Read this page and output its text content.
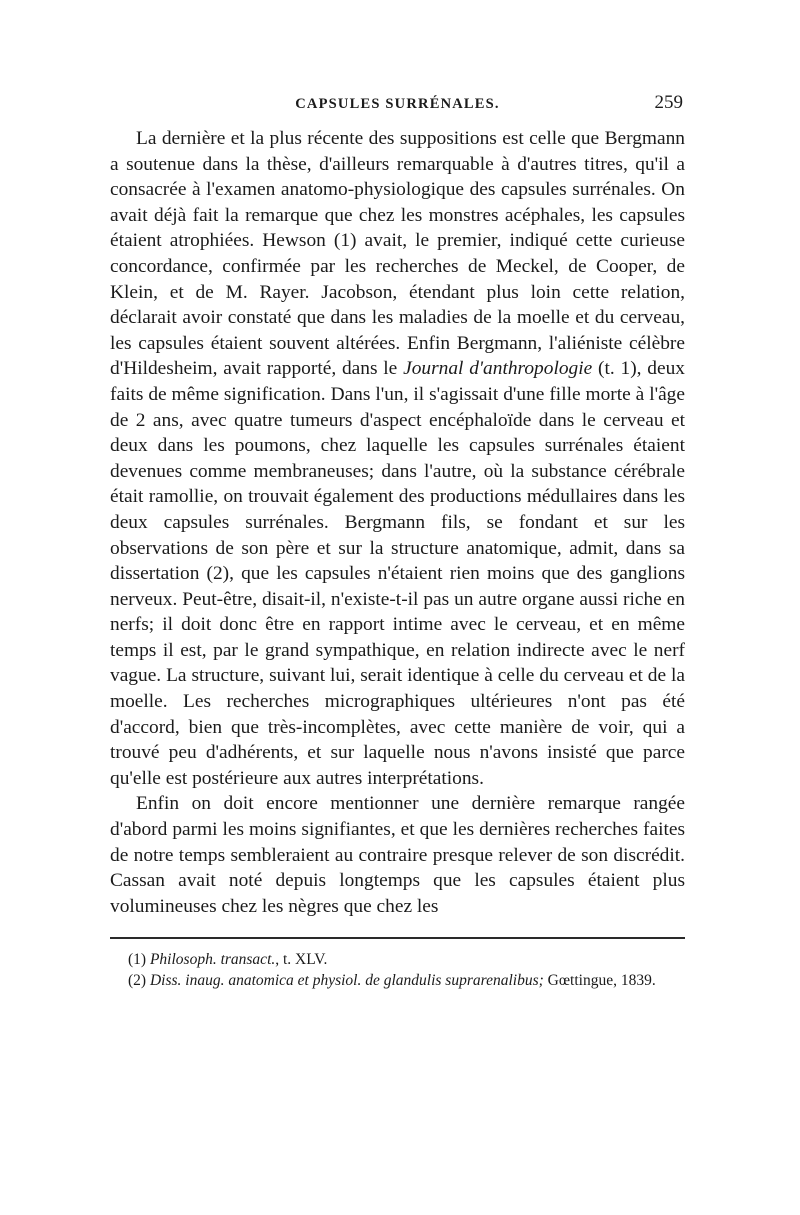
CAPSULES SURRÉNALES.	259

La dernière et la plus récente des suppositions est celle que Bergmann a soutenue dans la thèse, d'ailleurs remarquable à d'autres titres, qu'il a consacrée à l'examen anatomo-physiologique des capsules surrénales. On avait déjà fait la remarque que chez les monstres acéphales, les capsules étaient atrophiées. Hewson (1) avait, le premier, indiqué cette curieuse concordance, confirmée par les recherches de Meckel, de Cooper, de Klein, et de M. Rayer. Jacobson, étendant plus loin cette relation, déclarait avoir constaté que dans les maladies de la moelle et du cerveau, les capsules étaient souvent altérées. Enfin Bergmann, l'aliéniste célèbre d'Hildesheim, avait rapporté, dans le Journal d'anthropologie (t. 1), deux faits de même signification. Dans l'un, il s'agissait d'une fille morte à l'âge de 2 ans, avec quatre tumeurs d'aspect encéphaloïde dans le cerveau et deux dans les poumons, chez laquelle les capsules surrénales étaient devenues comme membraneuses; dans l'autre, où la substance cérébrale était ramollie, on trouvait également des productions médullaires dans les deux capsules surrénales. Bergmann fils, se fondant et sur les observations de son père et sur la structure anatomique, admit, dans sa dissertation (2), que les capsules n'étaient rien moins que des ganglions nerveux. Peut-être, disait-il, n'existe-t-il pas un autre organe aussi riche en nerfs; il doit donc être en rapport intime avec le cerveau, et en même temps il est, par le grand sympathique, en relation indirecte avec le nerf vague. La structure, suivant lui, serait identique à celle du cerveau et de la moelle. Les recherches micrographiques ultérieures n'ont pas été d'accord, bien que très-incomplètes, avec cette manière de voir, qui a trouvé peu d'adhérents, et sur laquelle nous n'avons insisté que parce qu'elle est postérieure aux autres interprétations.

Enfin on doit encore mentionner une dernière remarque rangée d'abord parmi les moins signifiantes, et que les dernières recherches faites de notre temps sembleraient au contraire presque relever de son discrédit. Cassan avait noté depuis longtemps que les capsules étaient plus volumineuses chez les nègres que chez les

(1) Philosoph. transact., t. XLV.

(2) Diss. inaug. anatomica et physiol. de glandulis suprarenalibus; Gœttingue, 1839.
